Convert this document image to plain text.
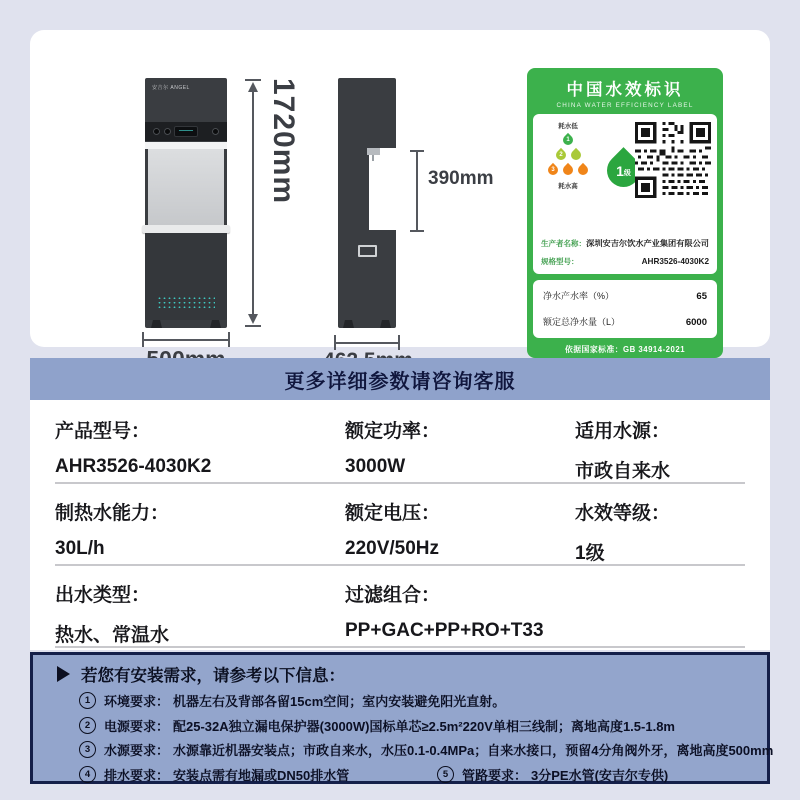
安吉尔 ANGEL	1720mm	390mm
中国水效标识
CHINA WATER EFFICIENCY LABEL
耗水低
1
2
3
耗水高
1 级
生产者名称： 深圳安吉尔饮水产业集团有限公司
规格型号：	AHR3526-4030K2
净水产水率（%）	65
额定总净水量（L）	6000
依据国家标准：GB 34914-2021
更多详细参数请咨询客服
产品型号：
AHR3526-4030K2
额定功率：
3000W
适用水源：
市政自来水
制热水能力：
30L/h
额定电压：
220V/50Hz
水效等级：
1级
出水类型：
热水、常温水
过滤组合：
PP+GAC+PP+RO+T33
若您有安装需求，请参考以下信息：
1	环境要求： 机器左右及背部各留15cm空间；室内安装避免阳光直射。
2	电源要求： 配25-32A独立漏电保护器(3000W)国标单芯≥2.5m²220V单相三线制；离地高度1.5-1.8m
3	水源要求： 水源靠近机器安装点；市政自来水，水压0.1-0.4MPa；自来水接口，预留4分角阀外牙，离地高度500mm
4	排水要求： 安装点需有地漏或DN50排水管	5	管路要求： 3分PE水管(安吉尔专供)
